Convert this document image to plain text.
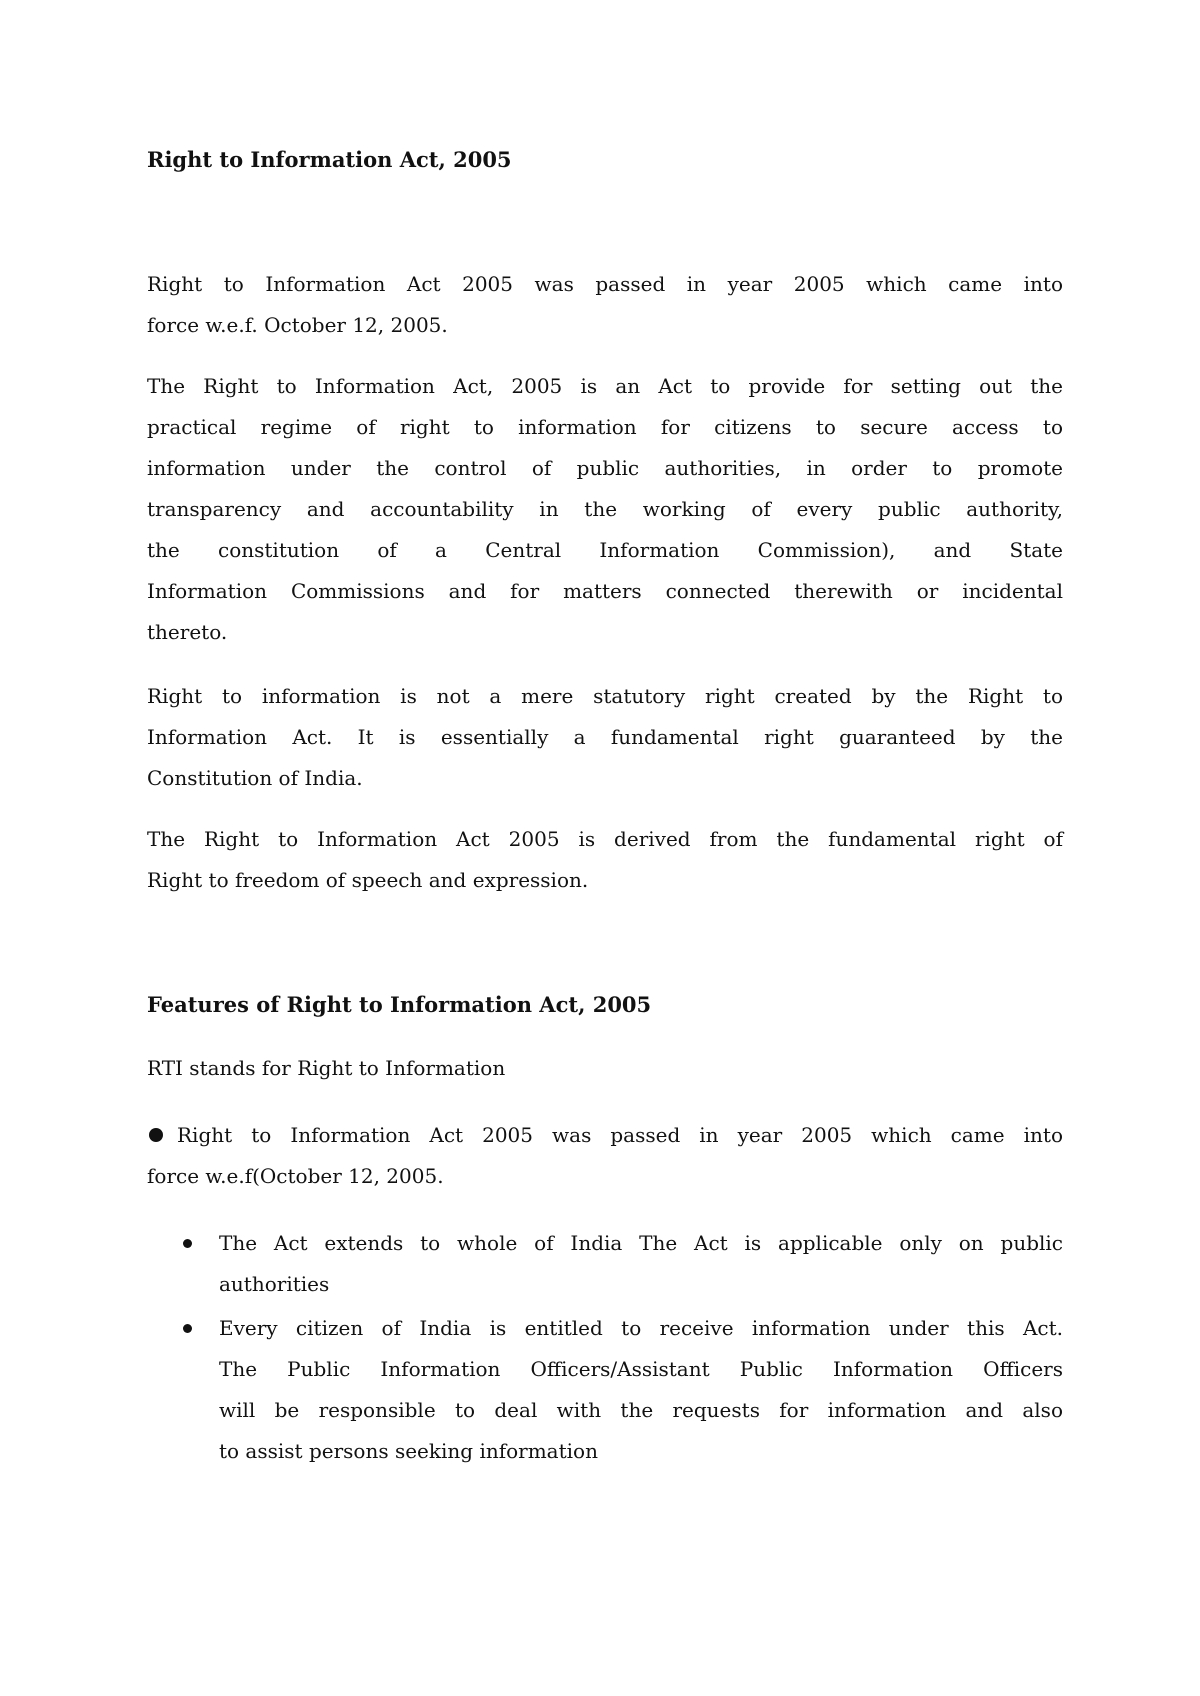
Right to Information Act, 2005
Right to Information Act 2005 was passed in year 2005 which came into
force w.e.f. October 12, 2005.
The Right to Information Act, 2005 is an Act to provide for setting out the
practical regime of right to information for citizens to secure access to
information under the control of public authorities, in order to promote
transparency and accountability in the working of every public authority,
the constitution of a Central Information Commission), and State
Information Commissions and for matters connected therewith or incidental
thereto.
Right to information is not a mere statutory right created by the Right to
Information Act. It is essentially a fundamental right guaranteed by the
Constitution of India.
The Right to Information Act 2005 is derived from the fundamental right of
Right to freedom of speech and expression.
Features of Right to Information Act, 2005
RTI stands for Right to Information
Right to Information Act 2005 was passed in year 2005 which came into
force w.e.f(October 12, 2005.
The Act extends to whole of India The Act is applicable only on public
authorities
Every citizen of India is entitled to receive information under this Act.
The Public Information Officers/Assistant Public Information Officers
will be responsible to deal with the requests for information and also
to assist persons seeking information
